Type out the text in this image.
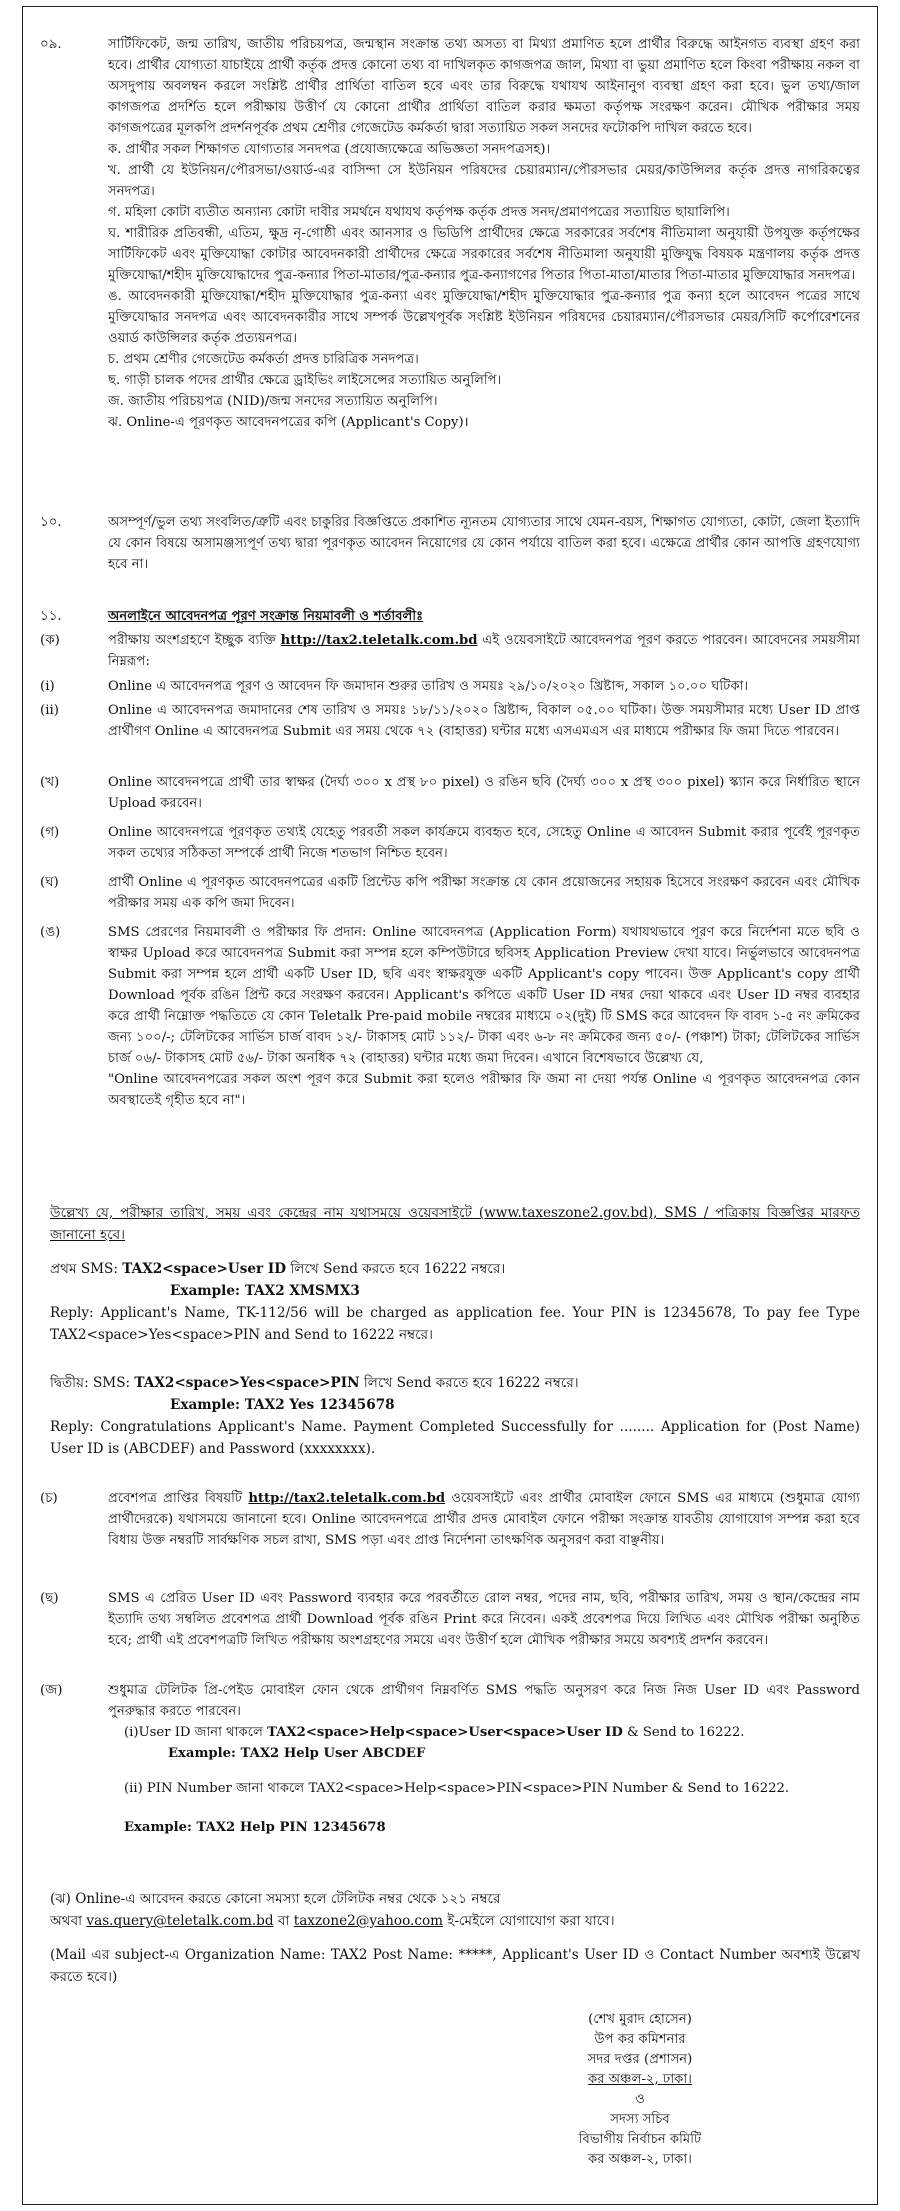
০৯.	সার্টিফিকেট, জন্ম তারিখ, জাতীয় পরিচয়পত্র, জন্মস্থান সংক্রান্ত তথ্য অসত্য বা মিথ্যা প্রমাণিত হলে প্রার্থীর বিরুদ্ধে আইনগত ব্যবস্থা গ্রহণ করা হবে। প্রার্থীর যোগ্যতা যাচাইয়ে প্রার্থী কর্তৃক প্রদত্ত কোনো তথ্য বা দাখিলকৃত কাগজপত্র জাল, মিথ্যা বা ভুয়া প্রমাণিত হলে কিংবা পরীক্ষায় নকল বা অসদুপায় অবলম্বন করলে সংশ্লিষ্ট প্রার্থীর প্রার্থিতা বাতিল হবে এবং তার বিরুদ্ধে যথাযথ আইনানুগ ব্যবস্থা গ্রহণ করা হবে। ভুল তথ্য/জাল কাগজপত্র প্রদর্শিত হলে পরীক্ষায় উত্তীর্ণ যে কোনো প্রার্থীর প্রার্থিতা বাতিল করার ক্ষমতা কর্তৃপক্ষ সংরক্ষণ করেন। মৌখিক পরীক্ষার সময় কাগজপত্রের মূলকপি প্রদর্শনপূর্বক প্রথম শ্রেণীর গেজেটেড কর্মকর্তা দ্বারা সত্যায়িত সকল সনদের ফটোকপি দাখিল করতে হবে।

ক. প্রার্থীর সকল শিক্ষাগত যোগ্যতার সনদপত্র (প্রযোজ্যক্ষেত্রে অভিজ্ঞতা সনদপত্রসহ)।

খ. প্রার্থী যে ইউনিয়ন/পৌরসভা/ওয়ার্ড-এর বাসিন্দা সে ইউনিয়ন পরিষদের চেয়ারম্যান/পৌরসভার মেয়র/কাউন্সিলর কর্তৃক প্রদত্ত নাগরিকত্বের সনদপত্র।

গ. মহিলা কোটা ব্যতীত অন্যান্য কোটা দাবীর সমর্থনে যথাযথ কর্তৃপক্ষ কর্তৃক প্রদত্ত সনদ/প্রমাণপত্রের সত্যায়িত ছায়ালিপি।

ঘ. শারীরিক প্রতিবন্ধী, এতিম, ক্ষুদ্র নৃ-গোষ্ঠী এবং আনসার ও ভিডিপি প্রার্থীদের ক্ষেত্রে সরকারের সর্বশেষ নীতিমালা অনুযায়ী উপযুক্ত কর্তৃপক্ষের সার্টিফিকেট এবং মুক্তিযোদ্ধা কোটার আবেদনকারী প্রার্থীদের ক্ষেত্রে সরকারের সর্বশেষ নীতিমালা অনুযায়ী মুক্তিযুদ্ধ বিষয়ক মন্ত্রণালয় কর্তৃক প্রদত্ত মুক্তিযোদ্ধা/শহীদ মুক্তিযোদ্ধাদের পুত্র-কন্যার পিতা-মাতার/পুত্র-কন্যার পুত্র-কন্যাগণের পিতার পিতা-মাতা/মাতার পিতা-মাতার মুক্তিযোদ্ধার সনদপত্র।

ঙ. আবেদনকারী মুক্তিযোদ্ধা/শহীদ মুক্তিযোদ্ধার পুত্র-কন্যা এবং মুক্তিযোদ্ধা/শহীদ মুক্তিযোদ্ধার পুত্র-কন্যার পুত্র কন্যা হলে আবেদন পত্রের সাথে মুক্তিযোদ্ধার সনদপত্র এবং আবেদনকারীর সাথে সম্পর্ক উল্লেখপূর্বক সংশ্লিষ্ট ইউনিয়ন পরিষদের চেয়ারম্যান/পৌরসভার মেয়র/সিটি কর্পোরেশনের ওয়ার্ড কাউন্সিলর কর্তৃক প্রত্যয়নপত্র।

চ. প্রথম শ্রেণীর গেজেটেড কর্মকর্তা প্রদত্ত চারিত্রিক সনদপত্র।

ছ. গাড়ী চালক পদের প্রার্থীর ক্ষেত্রে ড্রাইভিং লাইসেন্সের সত্যায়িত অনুলিপি।

জ. জাতীয় পরিচয়পত্র (NID)/জন্ম সনদের সত্যায়িত অনুলিপি।

ঝ. Online-এ পূরণকৃত আবেদনপত্রের কপি (Applicant's Copy)।

১০.	অসম্পূর্ণ/ভুল তথ্য সংবলিত/ত্রুটি এবং চাকুরির বিজ্ঞপ্তিতে প্রকাশিত ন্যূনতম যোগ্যতার সাথে যেমন-বয়স, শিক্ষাগত যোগ্যতা, কোটা, জেলা ইত্যাদি যে কোন বিষয়ে অসামঞ্জস্যপূর্ণ তথ্য দ্বারা পূরণকৃত আবেদন নিয়োগের যে কোন পর্যায়ে বাতিল করা হবে। এক্ষেত্রে প্রার্থীর কোন আপত্তি গ্রহণযোগ্য হবে না।

১১.	অনলাইনে আবেদনপত্র পূরণ সংক্রান্ত নিয়মাবলী ও শর্তাবলীঃ
(ক)	পরীক্ষায় অংশগ্রহণে ইচ্ছুক ব্যক্তি http://tax2.teletalk.com.bd এই ওয়েবসাইটে আবেদনপত্র পূরণ করতে পারবেন। আবেদনের সময়সীমা নিম্নরূপ:

(i)	Online এ আবেদনপত্র পূরণ ও আবেদন ফি জমাদান শুরুর তারিখ ও সময়ঃ ২৯/১০/২০২০ খ্রিষ্টাব্দ, সকাল ১০.০০ ঘটিকা।

(ii)	Online এ আবেদনপত্র জমাদানের শেষ তারিখ ও সময়ঃ ১৮/১১/২০২০ খ্রিষ্টাব্দ, বিকাল ০৫.০০ ঘটিকা। উক্ত সময়সীমার মধ্যে User ID প্রাপ্ত প্রার্থীগণ Online এ আবেদনপত্র Submit এর সময় থেকে ৭২ (বাহাত্তর) ঘন্টার মধ্যে এসএমএস এর মাধ্যমে পরীক্ষার ফি জমা দিতে পারবেন।

(খ)	Online আবেদনপত্রে প্রার্থী তার স্বাক্ষর (দৈর্ঘ্য ৩০০ x প্রস্থ ৮০ pixel) ও রঙিন ছবি (দৈর্ঘ্য ৩০০ x প্রস্থ ৩০০ pixel) স্ক্যান করে নির্ধারিত স্থানে Upload করবেন।

(গ)	Online আবেদনপত্রে পূরণকৃত তথ্যই যেহেতু পরবর্তী সকল কার্যক্রমে ব্যবহৃত হবে, সেহেতু Online এ আবেদন Submit করার পূর্বেই পূরণকৃত সকল তথ্যের সঠিকতা সম্পর্কে প্রার্থী নিজে শতভাগ নিশ্চিত হবেন।

(ঘ)	প্রার্থী Online এ পূরণকৃত আবেদনপত্রের একটি প্রিন্টেড কপি পরীক্ষা সংক্রান্ত যে কোন প্রয়োজনের সহায়ক হিসেবে সংরক্ষণ করবেন এবং মৌখিক পরীক্ষার সময় এক কপি জমা দিবেন।

(ঙ)	SMS প্রেরণের নিয়মাবলী ও পরীক্ষার ফি প্রদান: Online আবেদনপত্র (Application Form) যথাযথভাবে পূরণ করে নির্দেশনা মতে ছবি ও স্বাক্ষর Upload করে আবেদনপত্র Submit করা সম্পন্ন হলে কম্পিউটারে ছবিসহ Application Preview দেখা যাবে। নির্ভুলভাবে আবেদনপত্র Submit করা সম্পন্ন হলে প্রার্থী একটি User ID, ছবি এবং স্বাক্ষরযুক্ত একটি Applicant's copy পাবেন। উক্ত Applicant's copy প্রার্থী Download পূর্বক রঙিন প্রিন্ট করে সংরক্ষণ করবেন। Applicant's কপিতে একটি User ID নম্বর দেয়া থাকবে এবং User ID নম্বর ব্যবহার করে প্রার্থী নিম্নোক্ত পদ্ধতিতে যে কোন Teletalk Pre-paid mobile নম্বরের মাধ্যমে ০২(দুই) টি SMS করে আবেদন ফি বাবদ ১-৫ নং ক্রমিকের জন্য ১০০/-; টেলিটকের সার্ভিস চার্জ বাবদ ১২/- টাকাসহ মোট ১১২/- টাকা এবং ৬-৮ নং ক্রমিকের জন্য ৫০/- (পঞ্চাশ) টাকা; টেলিটকের সার্ভিস চার্জ ০৬/- টাকাসহ মোট ৫৬/- টাকা অনধিক ৭২ (বাহাত্তর) ঘন্টার মধ্যে জমা দিবেন। এখানে বিশেষভাবে উল্লেখ্য যে,

"Online আবেদনপত্রের সকল অংশ পূরণ করে Submit করা হলেও পরীক্ষার ফি জমা না দেয়া পর্যন্ত Online এ পূরণকৃত আবেদনপত্র কোন অবস্থাতেই গৃহীত হবে না"।

উল্লেখ্য যে, পরীক্ষার তারিখ, সময় এবং কেন্দ্রের নাম যথাসময়ে ওয়েবসাইটে (www.taxeszone2.gov.bd), SMS / পত্রিকায় বিজ্ঞপ্তির মারফত জানানো হবে।

প্রথম SMS: TAX2<space>User ID লিখে Send করতে হবে 16222 নম্বরে।

Example: TAX2 XMSMX3

Reply: Applicant's Name, TK-112/56 will be charged as application fee. Your PIN is 12345678, To pay fee Type TAX2<space>Yes<space>PIN and Send to 16222 নম্বরে।

দ্বিতীয়: SMS: TAX2<space>Yes<space>PIN লিখে Send করতে হবে 16222 নম্বরে।

Example: TAX2 Yes 12345678

Reply: Congratulations Applicant's Name. Payment Completed Successfully for ........ Application for (Post Name) User ID is (ABCDEF) and Password (xxxxxxxx).

(চ)	প্রবেশপত্র প্রাপ্তির বিষয়টি http://tax2.teletalk.com.bd ওয়েবসাইটে এবং প্রার্থীর মোবাইল ফোনে SMS এর মাধ্যমে (শুধুমাত্র যোগ্য প্রার্থীদেরকে) যথাসময়ে জানানো হবে। Online আবেদনপত্রে প্রার্থীর প্রদত্ত মোবাইল ফোনে পরীক্ষা সংক্রান্ত যাবতীয় যোগাযোগ সম্পন্ন করা হবে বিধায় উক্ত নম্বরটি সার্বক্ষণিক সচল রাখা, SMS পড়া এবং প্রাপ্ত নির্দেশনা তাৎক্ষণিক অনুসরণ করা বাঞ্ছনীয়।

(ছ)	SMS এ প্রেরিত User ID এবং Password ব্যবহার করে পরবর্তীতে রোল নম্বর, পদের নাম, ছবি, পরীক্ষার তারিখ, সময় ও স্থান/কেন্দ্রের নাম ইত্যাদি তথ্য সম্বলিত প্রবেশপত্র প্রার্থী Download পূর্বক রঙিন Print করে নিবেন। একই প্রবেশপত্র দিয়ে লিখিত এবং মৌখিক পরীক্ষা অনুষ্ঠিত হবে; প্রার্থী এই প্রবেশপত্রটি লিখিত পরীক্ষায় অংশগ্রহণের সময়ে এবং উত্তীর্ণ হলে মৌখিক পরীক্ষার সময়ে অবশ্যই প্রদর্শন করবেন।

(জ)	শুধুমাত্র টেলিটক প্রি-পেইড মোবাইল ফোন থেকে প্রার্থীগণ নিম্নবর্ণিত SMS পদ্ধতি অনুসরণ করে নিজ নিজ User ID এবং Password পুনরুদ্ধার করতে পারবেন।

(i)User ID জানা থাকলে TAX2<space>Help<space>User<space>User ID & Send to 16222.

Example: TAX2 Help User ABCDEF

(ii) PIN Number জানা থাকলে TAX2<space>Help<space>PIN<space>PIN Number & Send to 16222.

Example: TAX2 Help PIN 12345678

(ঝ) Online-এ আবেদন করতে কোনো সমস্যা হলে টেলিটক নম্বর থেকে ১২১ নম্বরে

অথবা vas.query@teletalk.com.bd বা taxzone2@yahoo.com ই-মেইলে যোগাযোগ করা যাবে।

(Mail এর subject-এ Organization Name: TAX2 Post Name: *****, Applicant's User ID ও Contact Number অবশ্যই উল্লেখ করতে হবে।)

(শেখ মুরাদ হোসেন)
উপ কর কমিশনার
সদর দপ্তর (প্রশাসন)
কর অঞ্চল-২, ঢাকা।
ও
সদস্য সচিব
বিভাগীয় নির্বাচন কমিটি
কর অঞ্চল-২, ঢাকা।
